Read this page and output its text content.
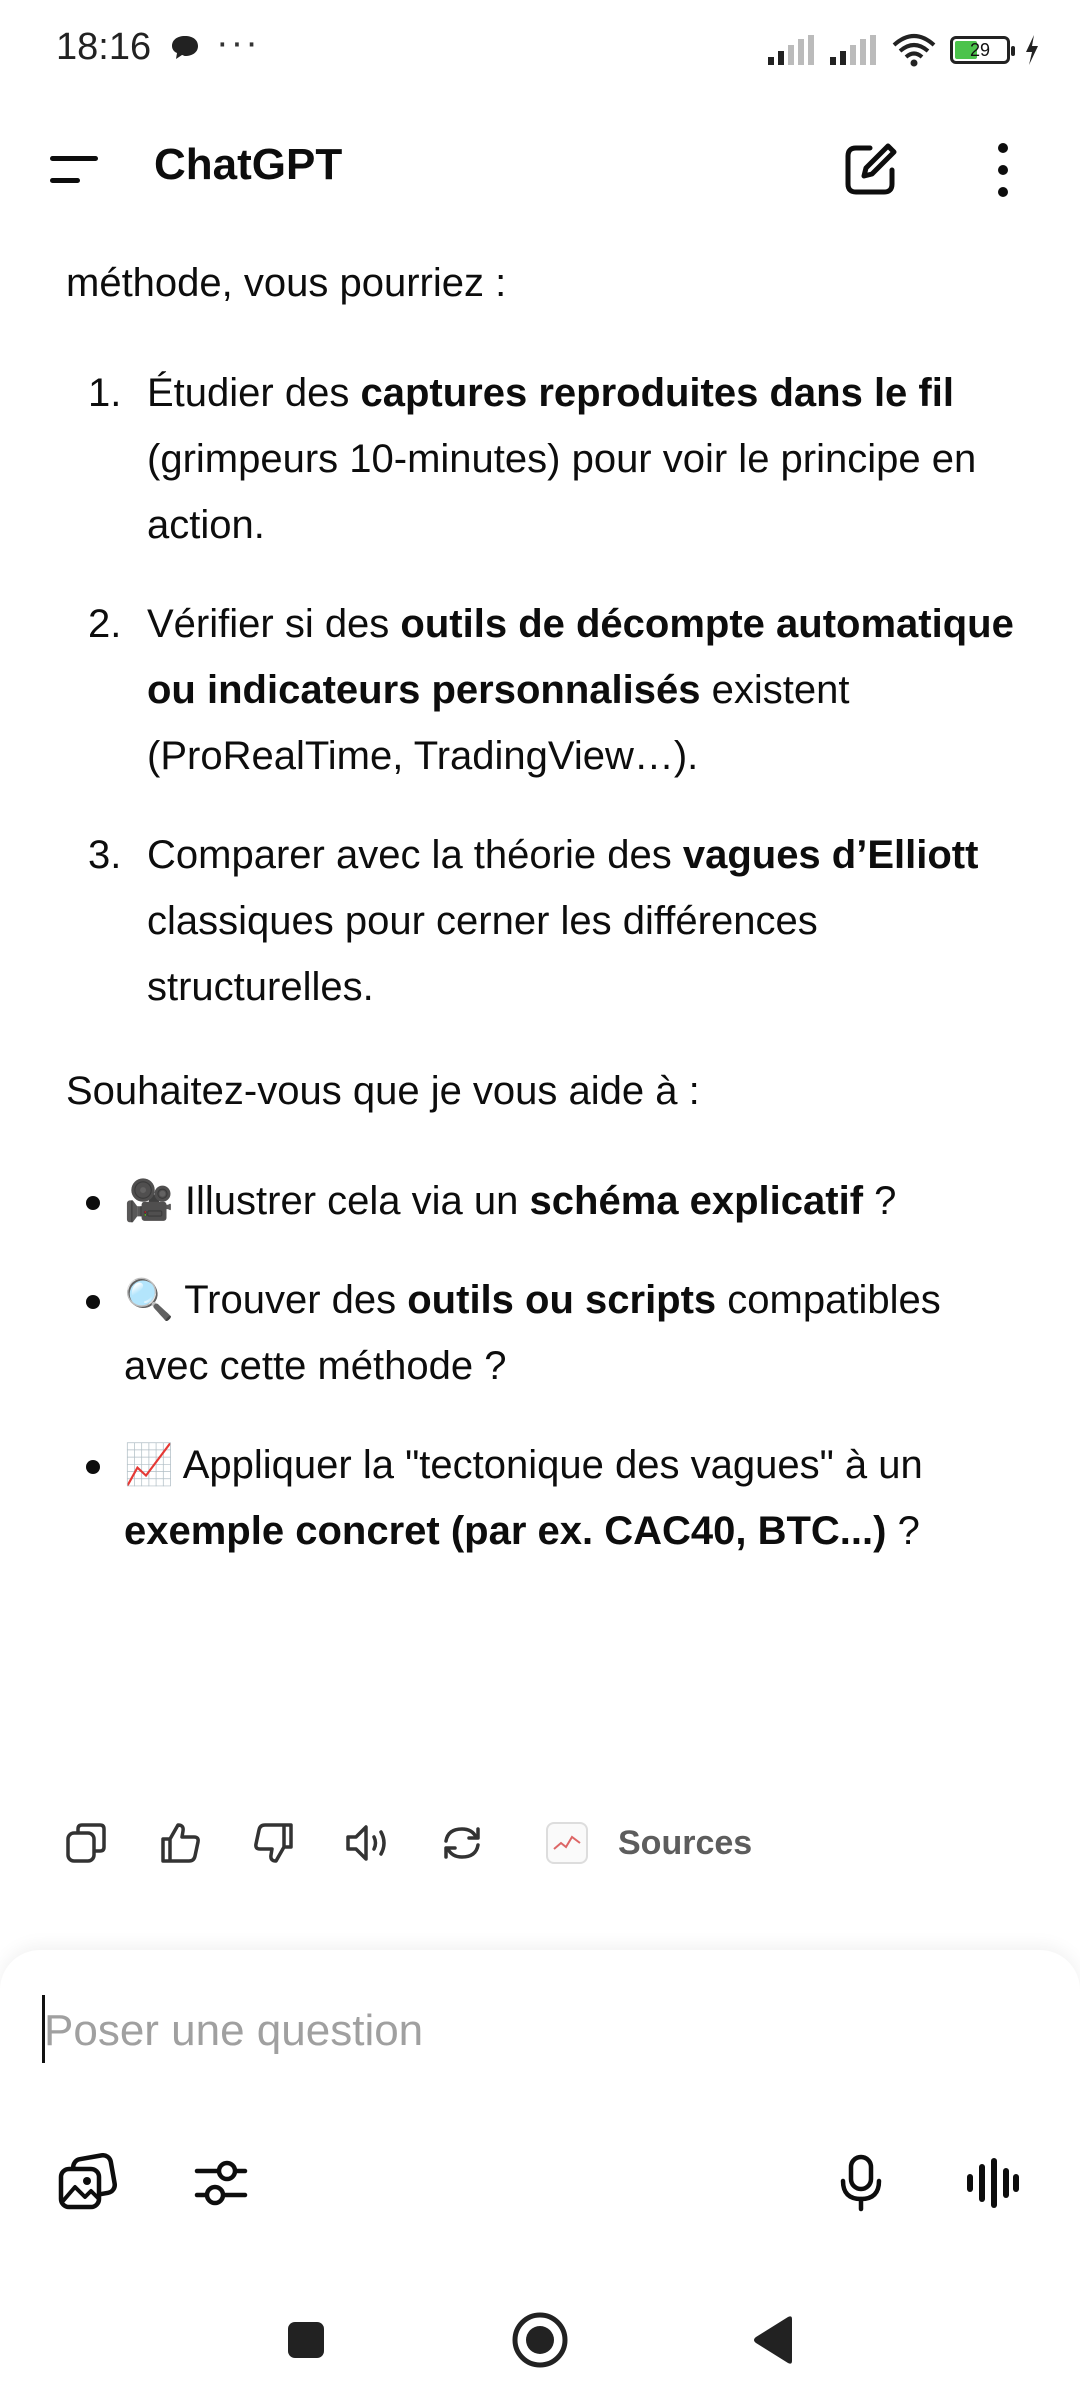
18:16 ···	29
ChatGPT

méthode, vous pourriez :

1. Étudier des captures reproduites dans le fil (grimpeurs 10-minutes) pour voir le principe en action.
2. Vérifier si des outils de décompte automatique ou indicateurs personnalisés existent (ProRealTime, TradingView…).
3. Comparer avec la théorie des vagues d’Elliott classiques pour cerner les différences structurelles.

Souhaitez-vous que je vous aide à :

🎥 Illustrer cela via un schéma explicatif ?
🔍 Trouver des outils ou scripts compatibles avec cette méthode ?
📈 Appliquer la "tectonique des vagues" à un exemple concret (par ex. CAC40, BTC...) ?
Sources
Poser une question
